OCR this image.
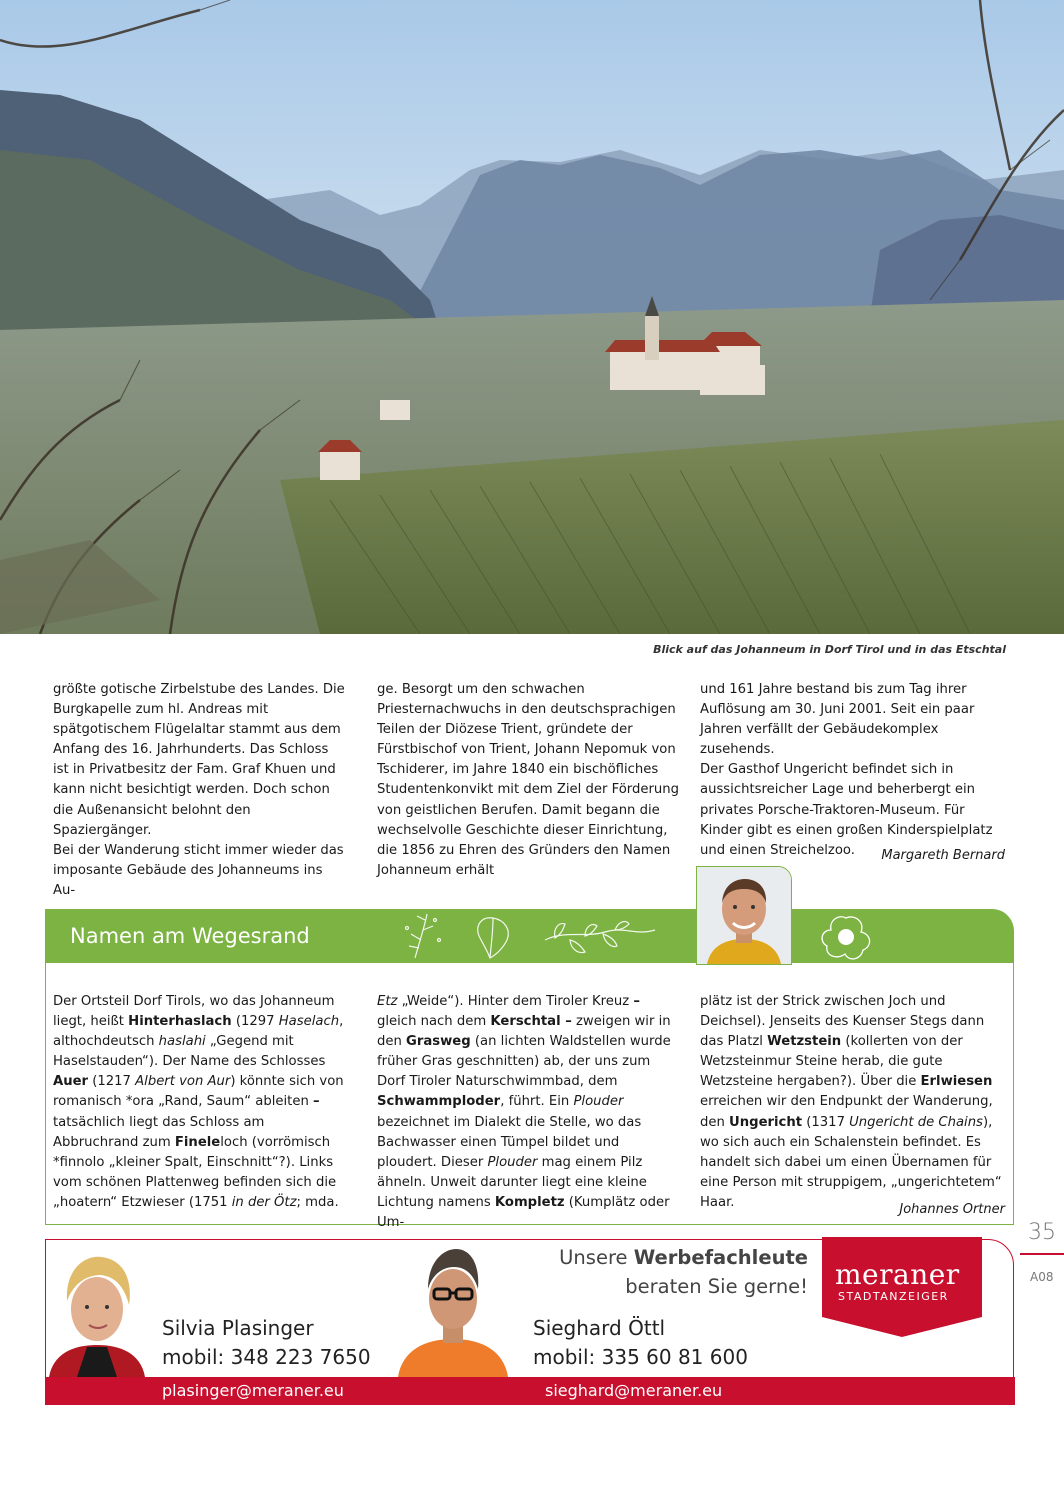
Blick auf das Johanneum in Dorf Tirol und in das Etschtal

größte gotische Zirbelstube des Landes. Die Burgkapelle zum hl. Andreas mit spätgotischem Flügelaltar stammt aus dem Anfang des 16. Jahrhunderts. Das Schloss ist in Privatbesitz der Fam. Graf Khuen und kann nicht besichtigt werden. Doch schon die Außenansicht belohnt den Spaziergänger.

Bei der Wanderung sticht immer wieder das imposante Gebäude des Johanneums ins Au-

ge. Besorgt um den schwachen Priesternachwuchs in den deutschsprachigen Teilen der Diözese Trient, gründete der Fürstbischof von Trient, Johann Nepomuk von Tschiderer, im Jahre 1840 ein bischöfliches Studentenkonvikt mit dem Ziel der Förderung von geistlichen Berufen. Damit begann die wechselvolle Geschichte dieser Einrichtung, die 1856 zu Ehren des Gründers den Namen Johanneum erhält

und 161 Jahre bestand bis zum Tag ihrer Auflösung am 30. Juni 2001. Seit ein paar Jahren verfällt der Gebäudekomplex zusehends.

Der Gasthof Ungericht befindet sich in aussichtsreicher Lage und beherbergt ein privates Porsche-Traktoren-Museum. Für Kinder gibt es einen großen Kinderspielplatz und einen Streichelzoo.	Margareth Bernard
Namen am Wegesrand

Der Ortsteil Dorf Tirols, wo das Johanneum liegt, heißt Hinterhaslach (1297 Haselach, althochdeutsch haslahi „Gegend mit Haselstauden“). Der Name des Schlosses Auer (1217 Albert von Aur) könnte sich von romanisch *ora „Rand, Saum“ ableiten – tatsächlich liegt das Schloss am Abbruchrand zum Fineleloch (vorrömisch *finnolo „kleiner Spalt, Einschnitt“?). Links vom schönen Plattenweg befinden sich die „hoatern“ Etzwieser (1751 in der Ötz; mda.

Etz „Weide“). Hinter dem Tiroler Kreuz – gleich nach dem Kerschtal – zweigen wir in den Grasweg (an lichten Waldstellen wurde früher Gras geschnitten) ab, der uns zum Dorf Tiroler Naturschwimmbad, dem Schwammploder, führt. Ein Plouder bezeichnet im Dialekt die Stelle, wo das Bachwasser einen Tümpel bildet und ploudert. Dieser Plouder mag einem Pilz ähneln. Unweit darunter liegt eine kleine Lichtung namens Kompletz (Kumplätz oder Um-

plätz ist der Strick zwischen Joch und Deichsel). Jenseits des Kuenser Stegs dann das Platzl Wetzstein (kollerten von der Wetzsteinmur Steine herab, die gute Wetzsteine hergaben?). Über die Erlwiesen erreichen wir den Endpunkt der Wanderung, den Ungericht (1317 Ungericht de Chains), wo sich auch ein Schalenstein befindet. Es handelt sich dabei um einen Übernamen für eine Person mit struppigem, „ungerichtetem“ Haar.	Johannes Ortner
35
A08
Silvia Plasinger
mobil: 348 223 7650
plasinger@meraner.eu
Sieghard Öttl
mobil: 335 60 81 600
sieghard@meraner.eu
Unsere Werbefachleute
beraten Sie gerne! meraner
STADTANZEIGER
